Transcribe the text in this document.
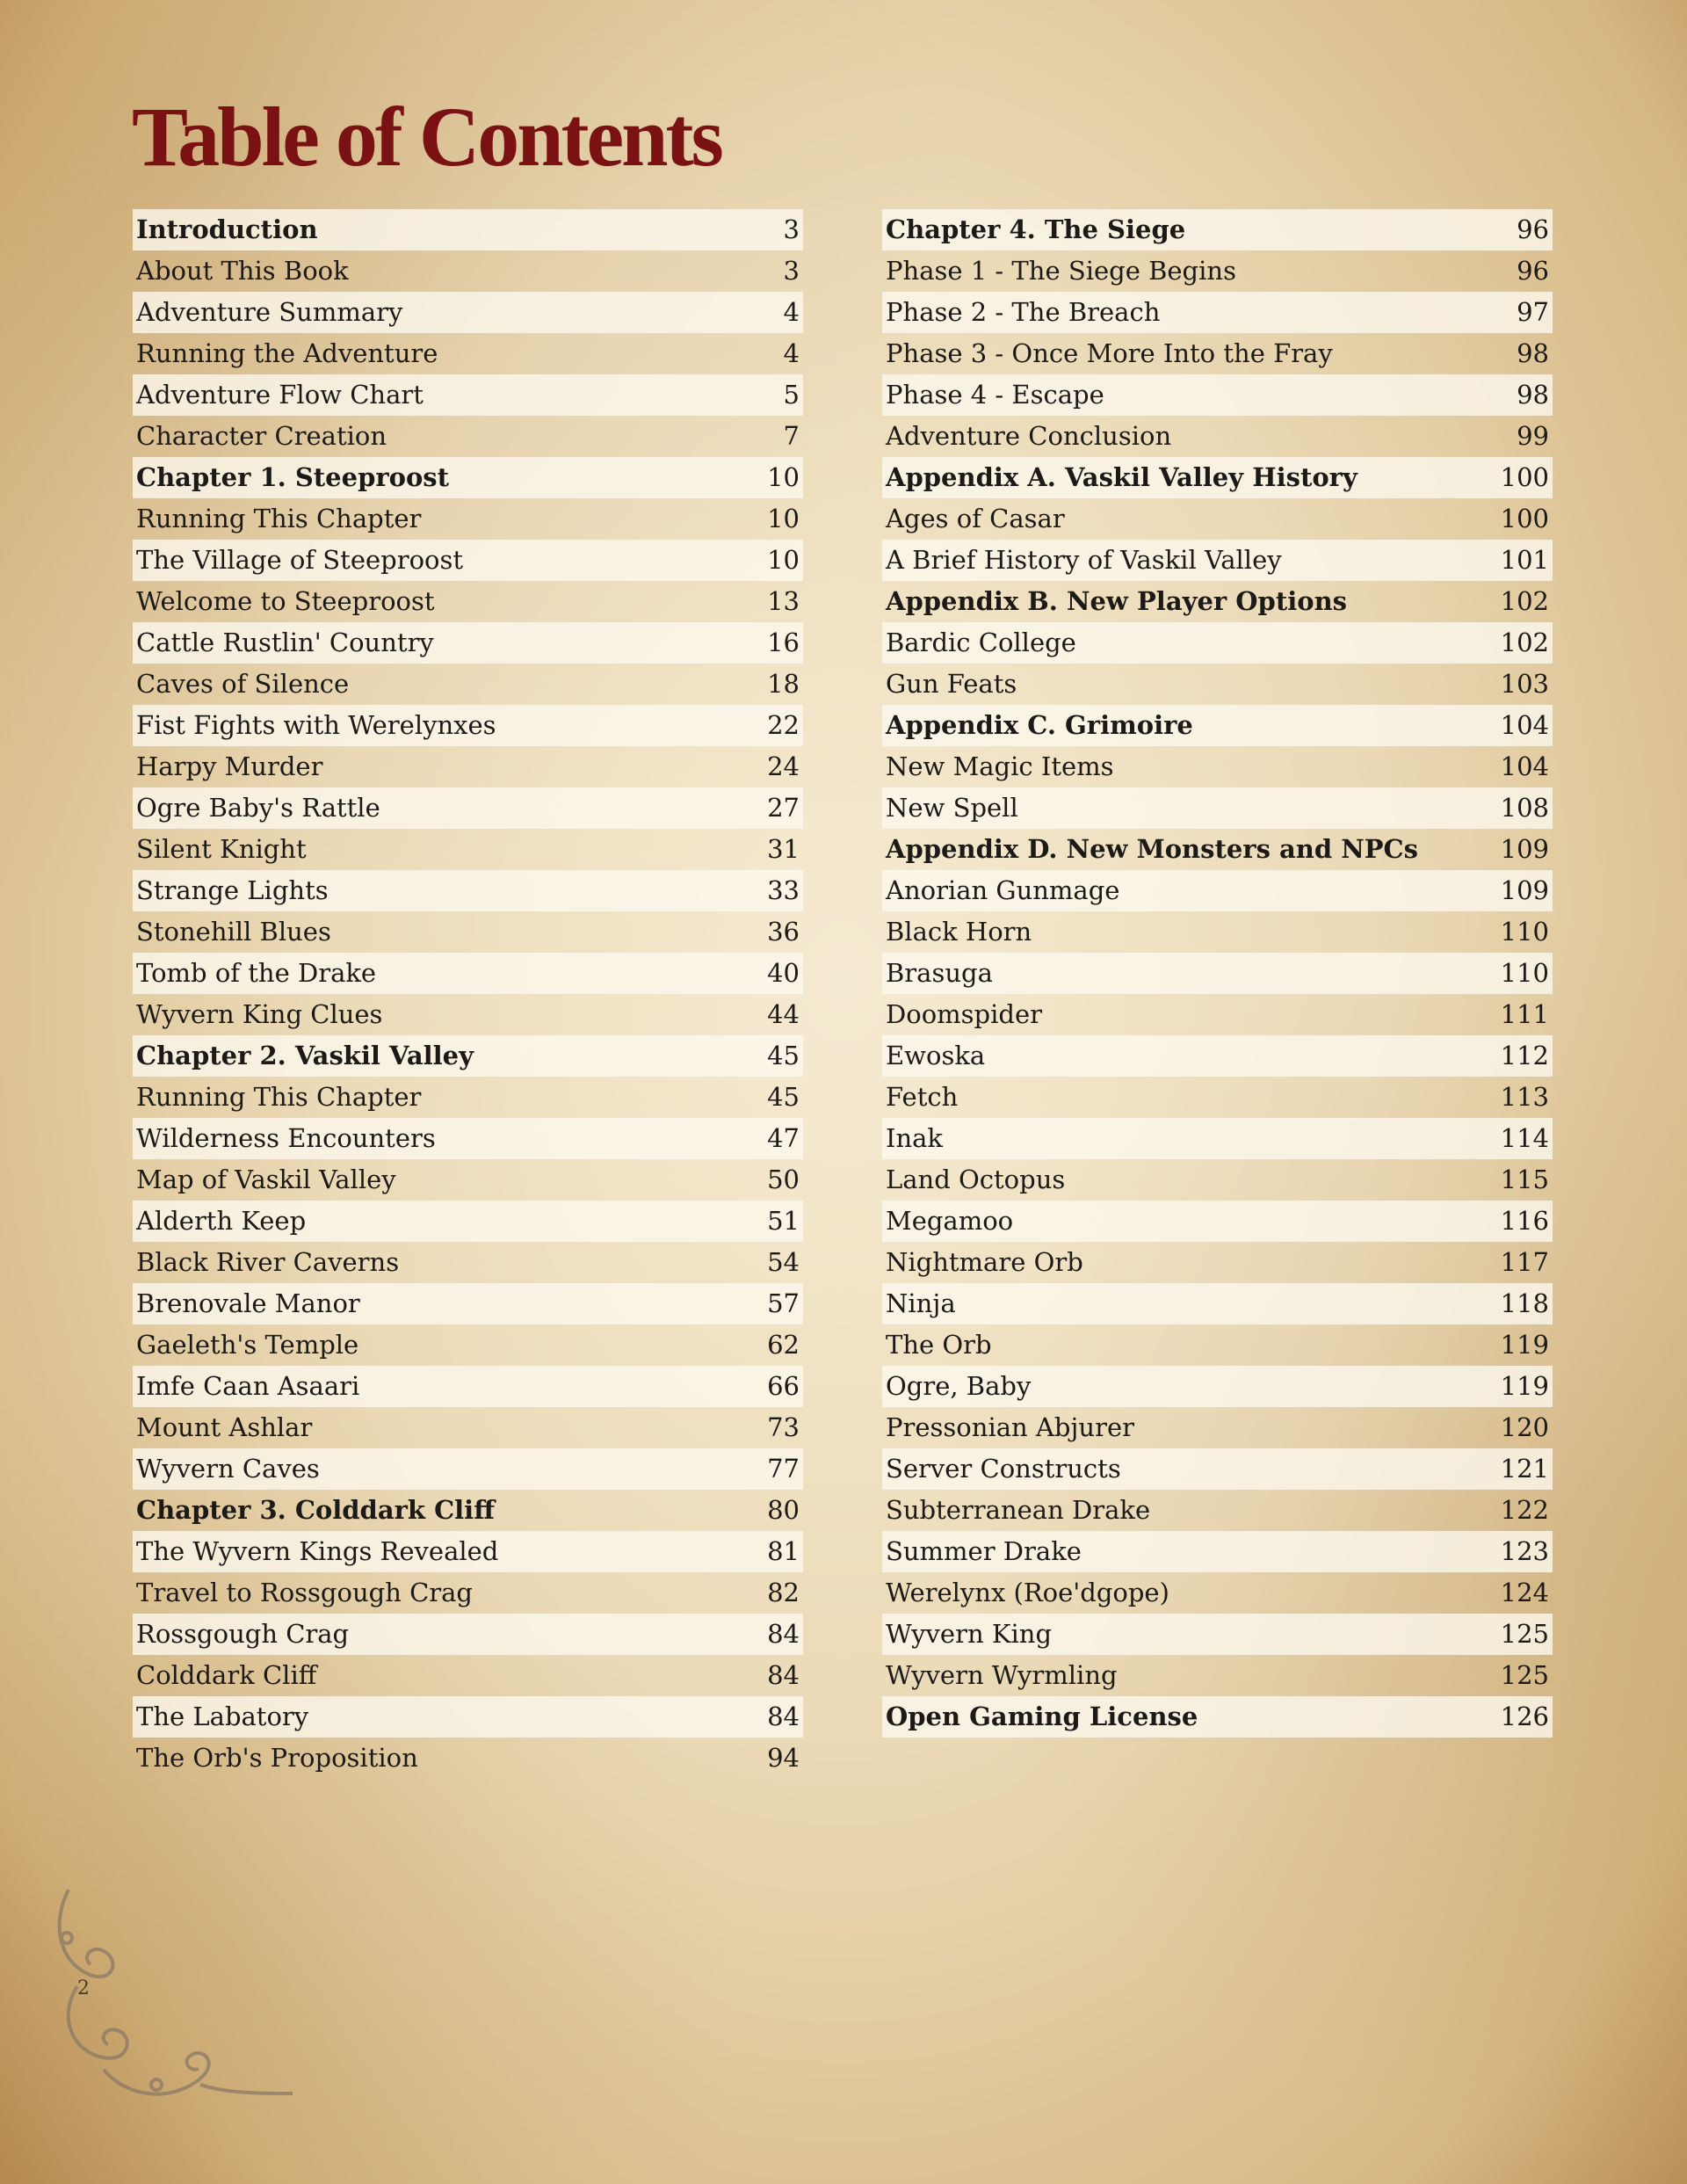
Table of Contents
Introduction	3
About This Book	3
Adventure Summary	4
Running the Adventure	4
Adventure Flow Chart	5
Character Creation	7
Chapter 1. Steeproost	10
Running This Chapter	10
The Village of Steeproost	10
Welcome to Steeproost	13
Cattle Rustlin' Country	16
Caves of Silence	18
Fist Fights with Werelynxes	22
Harpy Murder	24
Ogre Baby's Rattle	27
Silent Knight	31
Strange Lights	33
Stonehill Blues	36
Tomb of the Drake	40
Wyvern King Clues	44
Chapter 2. Vaskil Valley	45
Running This Chapter	45
Wilderness Encounters	47
Map of Vaskil Valley	50
Alderth Keep	51
Black River Caverns	54
Brenovale Manor	57
Gaeleth's Temple	62
Imfe Caan Asaari	66
Mount Ashlar	73
Wyvern Caves	77
Chapter 3. Colddark Cliff	80
The Wyvern Kings Revealed	81
Travel to Rossgough Crag	82
Rossgough Crag	84
Colddark Cliff	84
The Labatory	84
The Orb's Proposition	94
Chapter 4. The Siege	96
Phase 1 - The Siege Begins	96
Phase 2 - The Breach	97
Phase 3 - Once More Into the Fray	98
Phase 4 - Escape	98
Adventure Conclusion	99
Appendix A. Vaskil Valley History	100
Ages of Casar	100
A Brief History of Vaskil Valley	101
Appendix B. New Player Options	102
Bardic College	102
Gun Feats	103
Appendix C. Grimoire	104
New Magic Items	104
New Spell	108
Appendix D. New Monsters and NPCs	109
Anorian Gunmage	109
Black Horn	110
Brasuga	110
Doomspider	111
Ewoska	112
Fetch	113
Inak	114
Land Octopus	115
Megamoo	116
Nightmare Orb	117
Ninja	118
The Orb	119
Ogre, Baby	119
Pressonian Abjurer	120
Server Constructs	121
Subterranean Drake	122
Summer Drake	123
Werelynx (Roe'dgope)	124
Wyvern King	125
Wyvern Wyrmling	125
Open Gaming License	126
2
